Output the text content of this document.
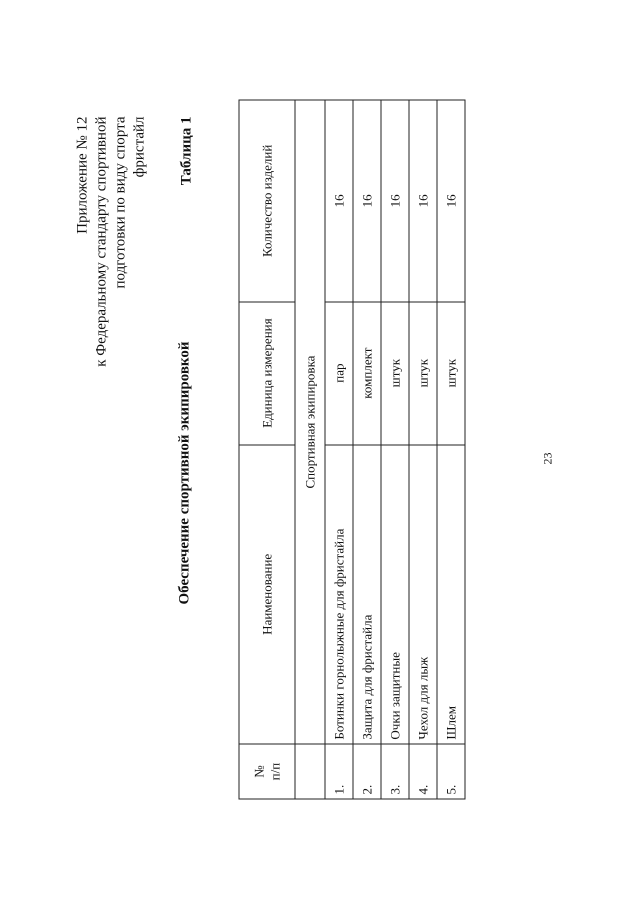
23
Приложение № 12 к Федеральному стандарту спортивной подготовки по виду спорта фристайл Таблица 1
Обеспечение спортивной экипировкой
№ п/п	Наименование	Единица измерения	Количество изделий
	Спортивная экипировка		
1.	Ботинки горнолыжные для фристайла	пар	16
2.	Защита для фристайла	комплект	16
3.	Очки защитные	штук	16
4.	Чехол для лыж	штук	16
5.	Шлем	штук	16
